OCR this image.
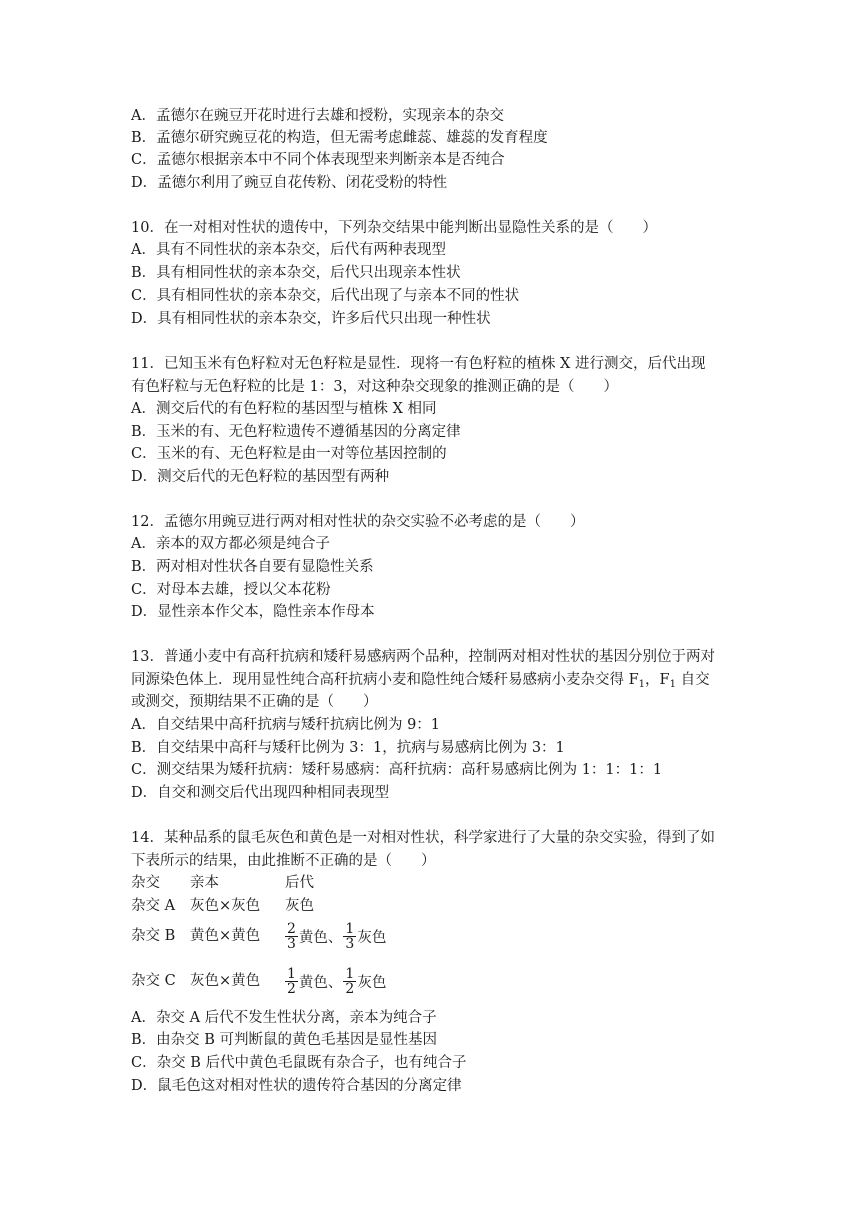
A．孟德尔在豌豆开花时进行去雄和授粉，实现亲本的杂交
B．孟德尔研究豌豆花的构造，但无需考虑雌蕊、雄蕊的发育程度
C．孟德尔根据亲本中不同个体表现型来判断亲本是否纯合
D．孟德尔利用了豌豆自花传粉、闭花受粉的特性
10．在一对相对性状的遗传中，下列杂交结果中能判断出显隐性关系的是（　　）
A．具有不同性状的亲本杂交，后代有两种表现型
B．具有相同性状的亲本杂交，后代只出现亲本性状
C．具有相同性状的亲本杂交，后代出现了与亲本不同的性状
D．具有相同性状的亲本杂交，许多后代只出现一种性状
11．已知玉米有色籽粒对无色籽粒是显性．现将一有色籽粒的植株 X 进行测交，后代出现
有色籽粒与无色籽粒的比是 1：3，对这种杂交现象的推测正确的是（　　）
A．测交后代的有色籽粒的基因型与植株 X 相同
B．玉米的有、无色籽粒遗传不遵循基因的分离定律
C．玉米的有、无色籽粒是由一对等位基因控制的
D．测交后代的无色籽粒的基因型有两种
12．孟德尔用豌豆进行两对相对性状的杂交实验不必考虑的是（　　）
A．亲本的双方都必须是纯合子
B．两对相对性状各自要有显隐性关系
C．对母本去雄，授以父本花粉
D．显性亲本作父本，隐性亲本作母本
13．普通小麦中有高秆抗病和矮秆易感病两个品种，控制两对相对性状的基因分别位于两对
同源染色体上．现用显性纯合高秆抗病小麦和隐性纯合矮秆易感病小麦杂交得 $F_1$，$F_1$ 自交
或测交，预期结果不正确的是（　　）
A．自交结果中高秆抗病与矮秆抗病比例为 9：1
B．自交结果中高秆与矮秆比例为 3：1，抗病与易感病比例为 3：1
C．测交结果为矮秆抗病：矮秆易感病：高秆抗病：高秆易感病比例为 1：1：1：1
D．自交和测交后代出现四种相同表现型
14．某种品系的鼠毛灰色和黄色是一对相对性状，科学家进行了大量的杂交实验，得到了如
下表所示的结果，由此推断不正确的是（　　）
杂交 亲本	后代
杂交 A 灰色×灰色 灰色
杂交 B 黄色×黄色 $\frac{2}{3}$ 黄色、 $\frac{1}{3}$ 灰色
杂交 C 灰色×黄色 $\frac{1}{2}$ 黄色、 $\frac{1}{2}$ 灰色
A．杂交 A 后代不发生性状分离，亲本为纯合子
B．由杂交 B 可判断鼠的黄色毛基因是显性基因
C．杂交 B 后代中黄色毛鼠既有杂合子，也有纯合子
D．鼠毛色这对相对性状的遗传符合基因的分离定律
